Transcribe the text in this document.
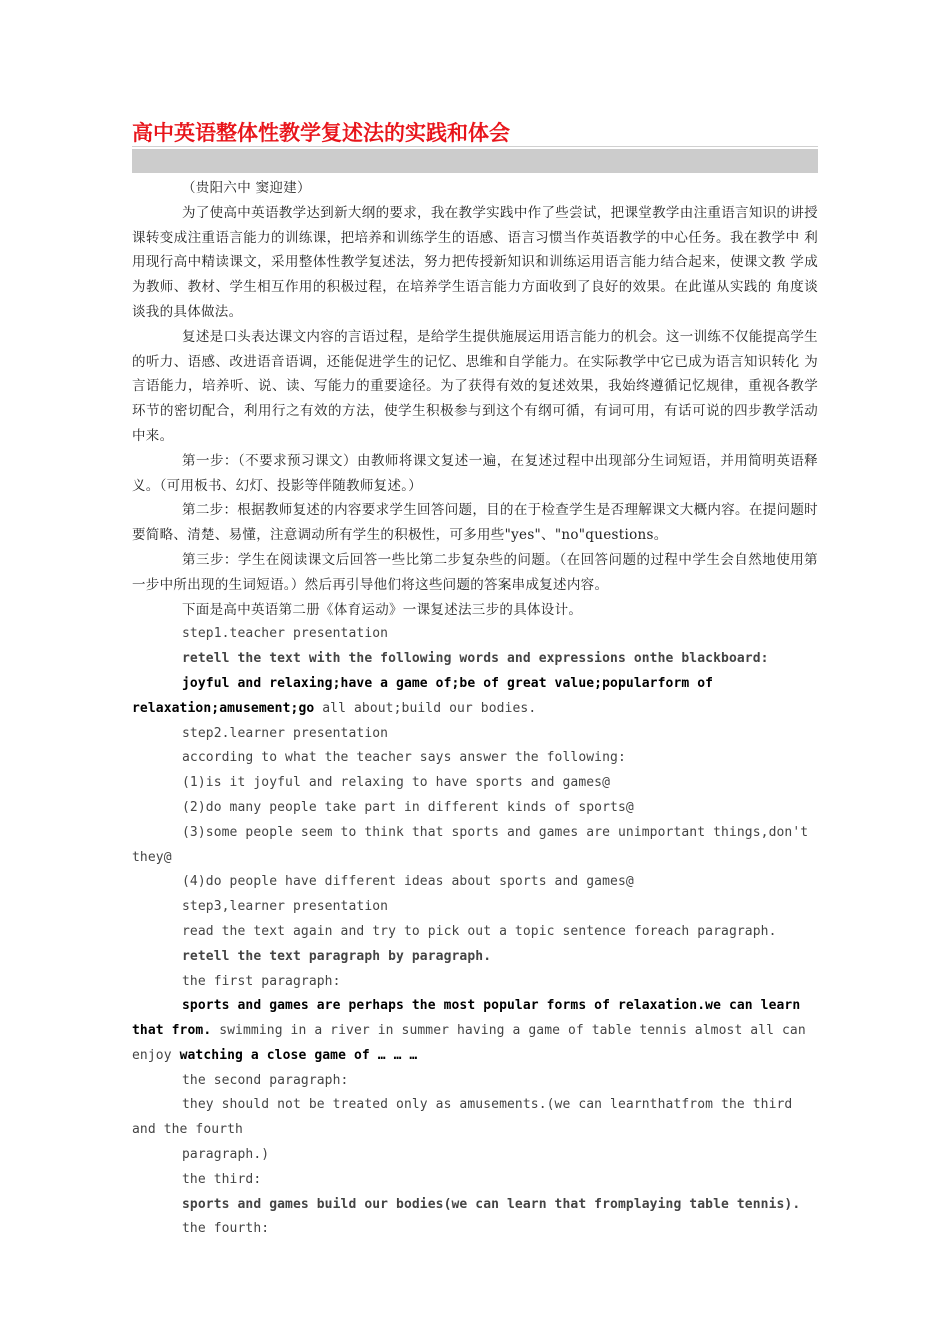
高中英语整体性教学复述法的实践和体会

（贵阳六中 窦迎建）

为了使高中英语教学达到新大纲的要求，我在教学实践中作了些尝试，把课堂教学由注重语言知识的讲授 课转变成注重语言能力的训练课，把培养和训练学生的语感、语言习惯当作英语教学的中心任务。我在教学中 利用现行高中精读课文，采用整体性教学复述法，努力把传授新知识和训练运用语言能力结合起来，使课文教 学成为教师、教材、学生相互作用的积极过程，在培养学生语言能力方面收到了良好的效果。在此谨从实践的 角度谈谈我的具体做法。

复述是口头表达课文内容的言语过程，是给学生提供施展运用语言能力的机会。这一训练不仅能提高学生 的听力、语感、改进语音语调，还能促进学生的记忆、思维和自学能力。在实际教学中它已成为语言知识转化 为言语能力，培养听、说、读、写能力的重要途径。为了获得有效的复述效果，我始终遵循记忆规律，重视各教学环节的密切配合，利用行之有效的方法，使学生积极参与到这个有纲可循，有词可用，有话可说的四步教学活动中来。

第一步：（不要求预习课文）由教师将课文复述一遍，在复述过程中出现部分生词短语，并用简明英语释义。（可用板书、幻灯、投影等伴随教师复述。）

第二步：根据教师复述的内容要求学生回答问题，目的在于检查学生是否理解课文大概内容。在提问题时 要简略、清楚、易懂，注意调动所有学生的积极性，可多用些"yes"、"no"questions。

第三步：学生在阅读课文后回答一些比第二步复杂些的问题。（在回答问题的过程中学生会自然地使用第 一步中所出现的生词短语。）然后再引导他们将这些问题的答案串成复述内容。

下面是高中英语第二册《体育运动》一课复述法三步的具体设计。

step1.teacher presentation

retell the text with the following words and expressions onthe blackboard:

joyful and relaxing;have a game of;be of great value;popularform of relaxation;amusement;go all about;build our bodies.

step2.learner presentation

according to what the teacher says answer the following:

(1)is it joyful and relaxing to have sports and games@

(2)do many people take part in different kinds of sports@

(3)some people seem to think that sports and games are unimportant things,don't they@

(4)do people have different ideas about sports and games@

step3,learner presentation

read the text again and try to pick out a topic sentence foreach paragraph.

retell the text paragraph by paragraph.

the first paragraph:

sports and games are perhaps the most popular forms of relaxation.we can learn that from. swimming in a river in summer having a game of table tennis almost all can enjoy watching a close game of … … …

the second paragraph:

they should not be treated only as amusements.(we can learnthatfrom the third and the fourth

paragraph.)

the third:

sports and games build our bodies(we can learn that fromplaying table tennis).

the fourth:
